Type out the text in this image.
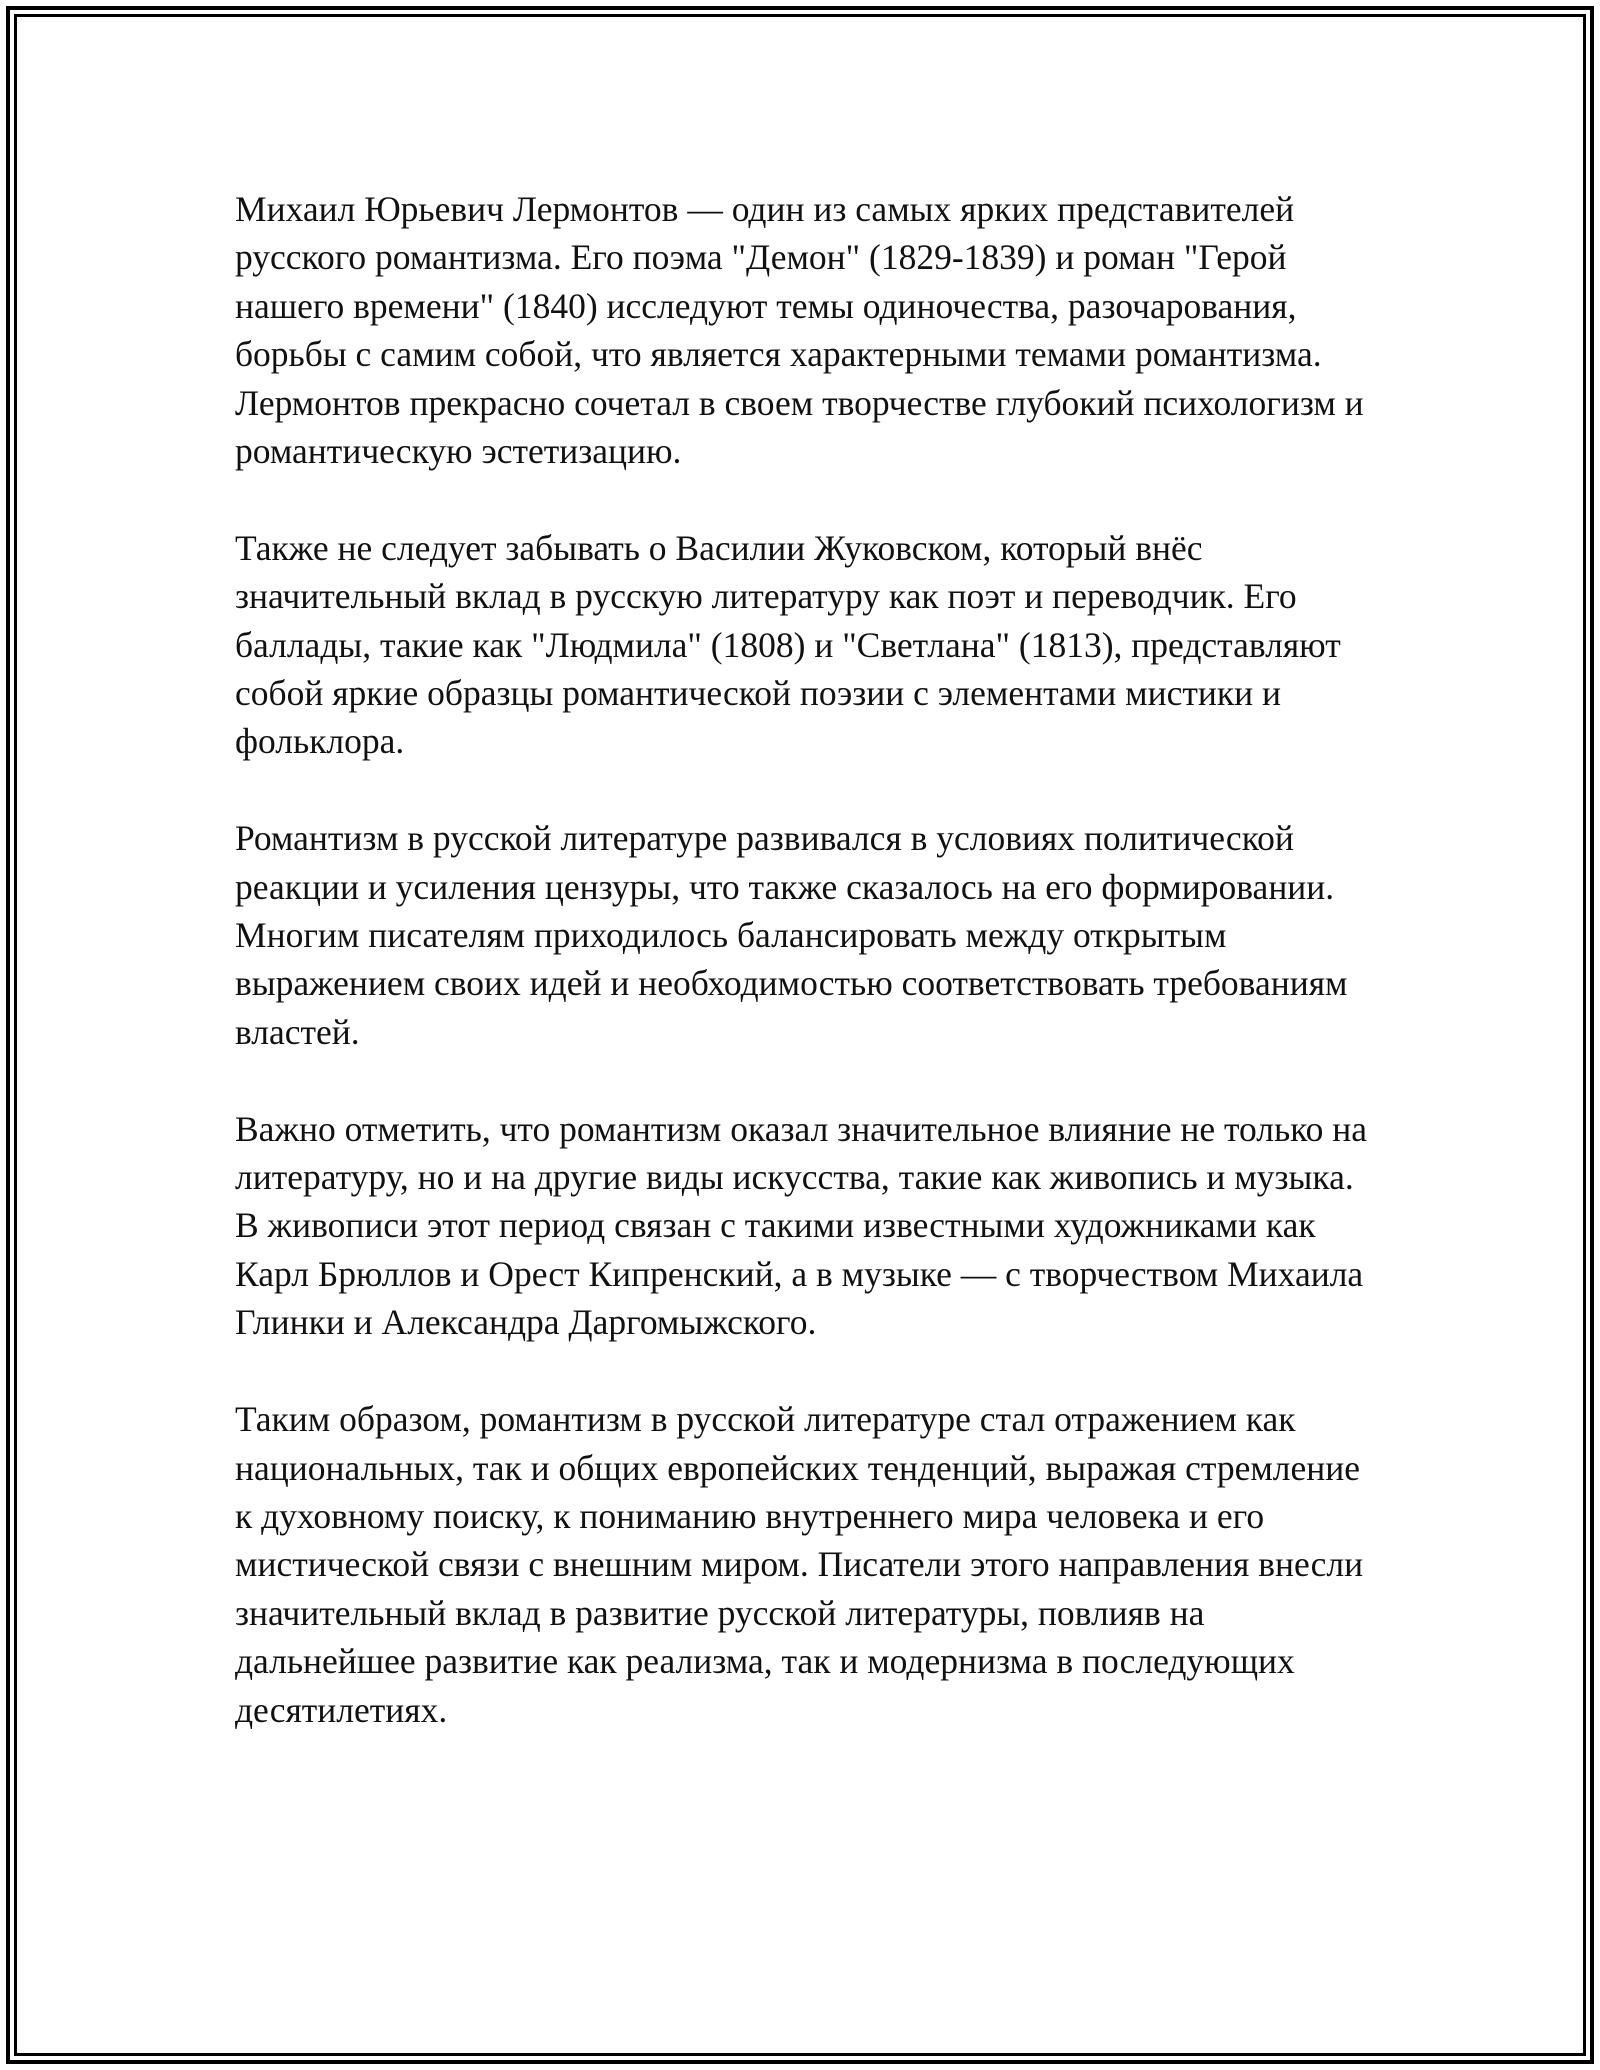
Михаил Юрьевич Лермонтов — один из самых ярких представителей русского романтизма. Его поэма "Демон" (1829-1839) и роман "Герой нашего времени" (1840) исследуют темы одиночества, разочарования, борьбы с самим собой, что является характерными темами романтизма. Лермонтов прекрасно сочетал в своем творчестве глубокий психологизм и романтическую эстетизацию.

Также не следует забывать о Василии Жуковском, который внёс значительный вклад в русскую литературу как поэт и переводчик. Его баллады, такие как "Людмила" (1808) и "Светлана" (1813), представляют собой яркие образцы романтической поэзии с элементами мистики и фольклора.

Романтизм в русской литературе развивался в условиях политической реакции и усиления цензуры, что также сказалось на его формировании. Многим писателям приходилось балансировать между открытым выражением своих идей и необходимостью соответствовать требованиям властей.

Важно отметить, что романтизм оказал значительное влияние не только на литературу, но и на другие виды искусства, такие как живопись и музыка. В живописи этот период связан с такими известными художниками как Карл Брюллов и Орест Кипренский, а в музыке — с творчеством Михаила Глинки и Александра Даргомыжского.

Таким образом, романтизм в русской литературе стал отражением как национальных, так и общих европейских тенденций, выражая стремление к духовному поиску, к пониманию внутреннего мира человека и его мистической связи с внешним миром. Писатели этого направления внесли значительный вклад в развитие русской литературы, повлияв на дальнейшее развитие как реализма, так и модернизма в последующих десятилетиях.
